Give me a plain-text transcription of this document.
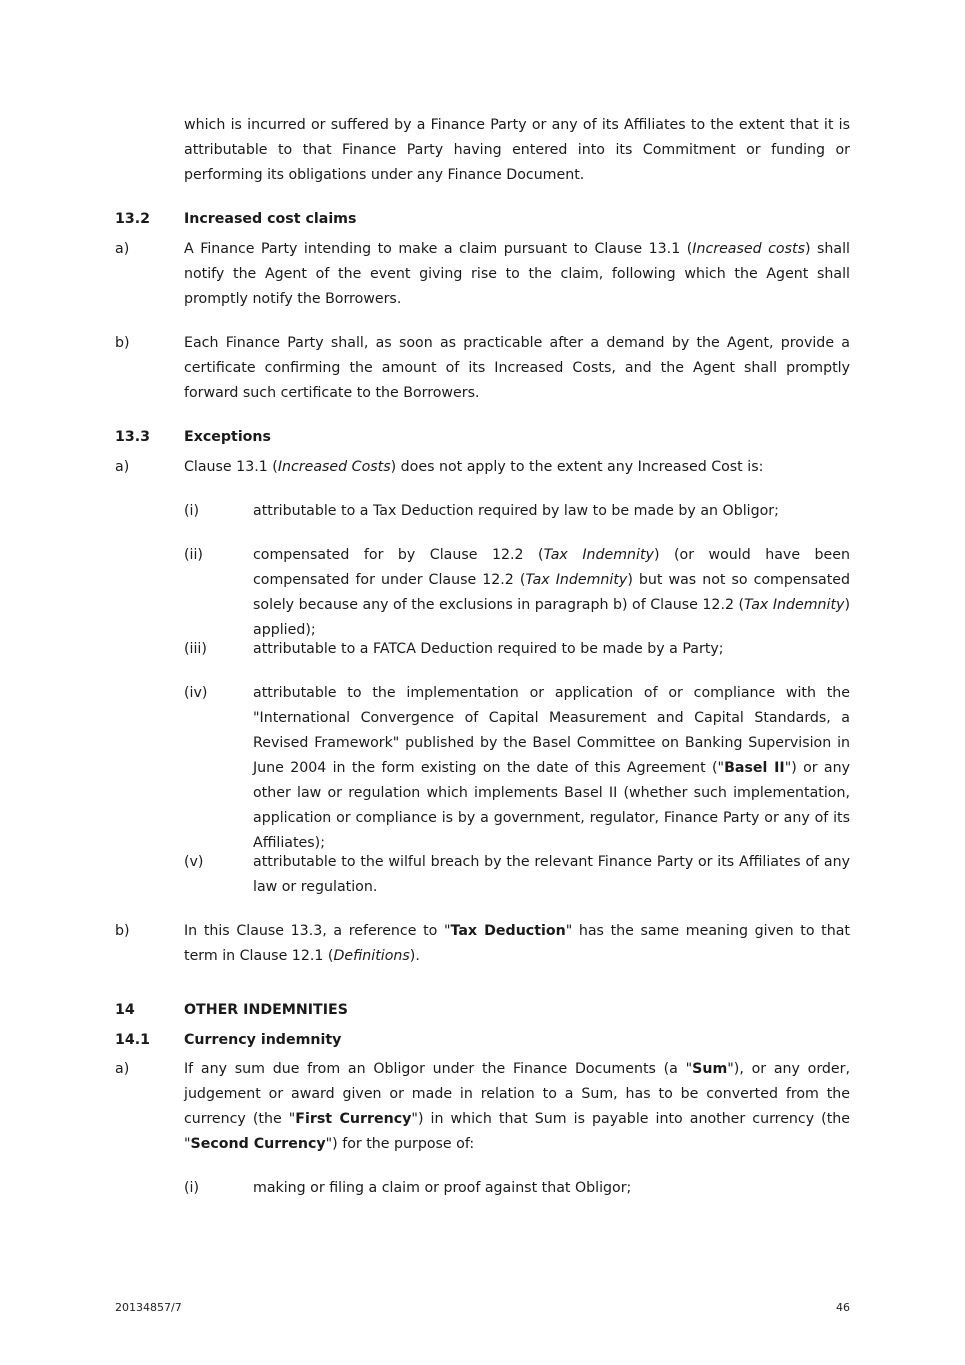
which is incurred or suffered by a Finance Party or any of its Affiliates to the extent that it is attributable to that Finance Party having entered into its Commitment or funding or performing its obligations under any Finance Document.
13.2 Increased cost claims
a)	A Finance Party intending to make a claim pursuant to Clause 13.1 (Increased costs) shall notify the Agent of the event giving rise to the claim, following which the Agent shall promptly notify the Borrowers.
b)	Each Finance Party shall, as soon as practicable after a demand by the Agent, provide a certificate confirming the amount of its Increased Costs, and the Agent shall promptly forward such certificate to the Borrowers.
13.3 Exceptions
a)	Clause 13.1 (Increased Costs) does not apply to the extent any Increased Cost is:
(i)	attributable to a Tax Deduction required by law to be made by an Obligor;
(ii)	compensated for by Clause 12.2 (Tax Indemnity) (or would have been compensated for under Clause 12.2 (Tax Indemnity) but was not so compensated solely because any of the exclusions in paragraph b) of Clause 12.2 (Tax Indemnity) applied);
(iii)	attributable to a FATCA Deduction required to be made by a Party;
(iv)	attributable to the implementation or application of or compliance with the "International Convergence of Capital Measurement and Capital Standards, a Revised Framework" published by the Basel Committee on Banking Supervision in June 2004 in the form existing on the date of this Agreement ("Basel II") or any other law or regulation which implements Basel II (whether such implementation, application or compliance is by a government, regulator, Finance Party or any of its Affiliates);
(v)	attributable to the wilful breach by the relevant Finance Party or its Affiliates of any law or regulation.
b)	In this Clause 13.3, a reference to "Tax Deduction" has the same meaning given to that term in Clause 12.1 (Definitions).
14	OTHER INDEMNITIES
14.1 Currency indemnity
a)	If any sum due from an Obligor under the Finance Documents (a "Sum"), or any order, judgement or award given or made in relation to a Sum, has to be converted from the currency (the "First Currency") in which that Sum is payable into another currency (the "Second Currency") for the purpose of:
(i)	making or filing a claim or proof against that Obligor;
20134857/7	46
